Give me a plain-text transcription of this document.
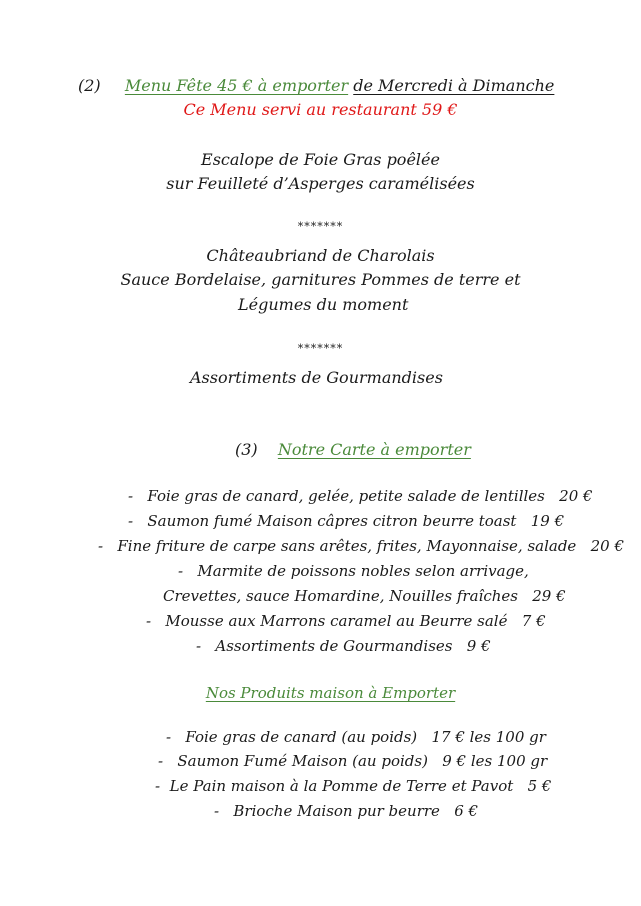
(2) Menu Fête 45 € à emporter de Mercredi à Dimanche
Ce Menu servi au restaurant 59 €
Escalope de Foie Gras poêlée
sur Feuilleté d’Asperges caramélisées
*******
Châteaubriand de Charolais
Sauce Bordelaise, garnitures Pommes de terre et
Légumes du moment
*******
Assortiments de Gourmandises
(3) Notre Carte à emporter
-   Foie gras de canard, gelée, petite salade de lentilles   20 €
-   Saumon fumé Maison câpres citron beurre toast   19 €
-   Fine friture de carpe sans arêtes, frites, Mayonnaise, salade   20 €
-   Marmite de poissons nobles selon arrivage,
Crevettes, sauce Homardine, Nouilles fraîches   29 €
-   Mousse aux Marrons caramel au Beurre salé   7 €
-   Assortiments de Gourmandises   9 €
Nos Produits maison à Emporter
-   Foie gras de canard (au poids)   17 € les 100 gr
-   Saumon Fumé Maison (au poids)   9 € les 100 gr
-  Le Pain maison à la Pomme de Terre et Pavot   5 €
-   Brioche Maison pur beurre   6 €
